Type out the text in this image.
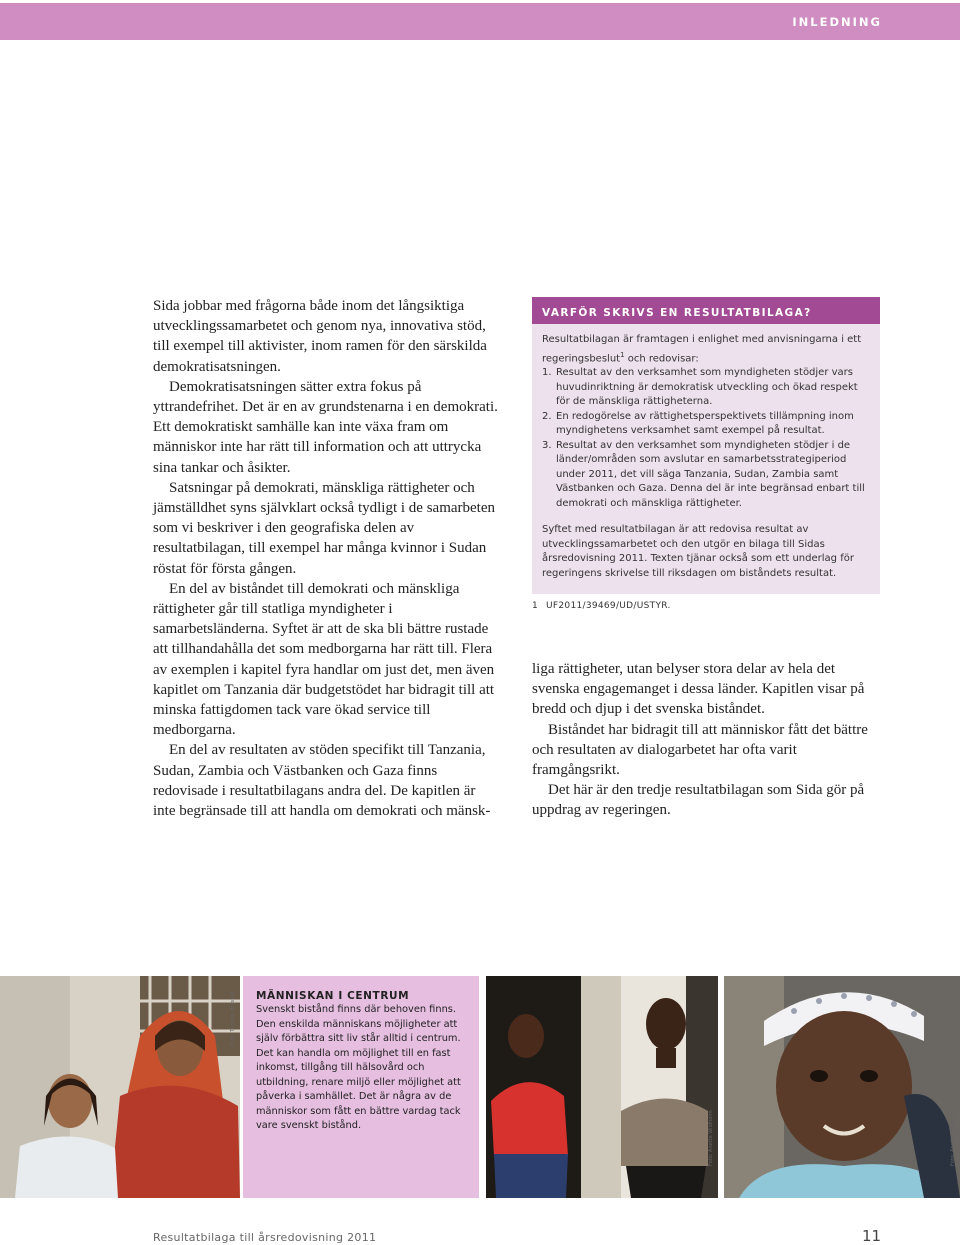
INLEDNING

Sida jobbar med frågorna både inom det långsiktiga utvecklingssamarbetet och genom nya, innovativa stöd, till exempel till aktivister, inom ramen för den särskilda demokratisatsningen.

Demokratisatsningen sätter extra fokus på yttrandefrihet. Det är en av grundstenarna i en demokrati. Ett demokratiskt samhälle kan inte växa fram om människor inte har rätt till information och att uttrycka sina tankar och åsikter.

Satsningar på demokrati, mänskliga rättigheter och jämställdhet syns självklart också tydligt i de samarbeten som vi beskriver i den geografiska delen av resultatbilagan, till exempel har många kvinnor i Sudan röstat för första gången.

En del av biståndet till demokrati och mänskliga rättigheter går till statliga myndigheter i samarbetsländerna. Syftet är att de ska bli bättre rustade att tillhandahålla det som medborgarna har rätt till. Flera av exemplen i kapitel fyra handlar om just det, men även kapitlet om Tanzania där budgetstödet har bidragit till att minska fattigdomen tack vare ökad service till medborgarna.

En del av resultaten av stöden specifikt till Tanzania, Sudan, Zambia och Västbanken och Gaza finns redovisade i resultatbilagans andra del. De kapitlen är inte begränsade till att handla om demokrati och mänsk-

VARFÖR SKRIVS EN RESULTATBILAGA?

Resultatbilagan är framtagen i enlighet med anvisningarna i ett regeringsbeslut$^1$ och redovisar:

1. Resultat av den verksamhet som myndigheten stödjer vars huvudinriktning är demokratisk utveckling och ökad respekt för de mänskliga rättigheterna.
2. En redogörelse av rättighetsperspektivets tillämpning inom myndighetens verksamhet samt exempel på resultat.
3. Resultat av den verksamhet som myndigheten stödjer i de länder/områden som avslutar en samarbetsstrategiperiod under 2011, det vill säga Tanzania, Sudan, Zambia samt Västbanken och Gaza. Denna del är inte begränsad enbart till demokrati och mänskliga rättigheter.

Syftet med resultatbilagan är att redovisa resultat av utvecklingssamarbetet och den utgör en bilaga till Sidas årsredovisning 2011. Texten tjänar också som ett underlag för regeringens skrivelse till riksdagen om biståndets resultat.

1 UF2011/39469/UD/USTYR.

liga rättigheter, utan belyser stora delar av hela det svenska engagemanget i dessa länder. Kapitlen visar på bredd och djup i det svenska biståndet.

Biståndet har bidragit till att människor fått det bättre och resultaten av dialogarbetet har ofta varit framgångsrikt.

Det här är den tredje resultatbilagan som Sida gör på uppdrag av regeringen.

Foto: Thomas Emstedt MÄNNISKAN I CENTRUM
Svenskt bistånd finns där behoven finns. Den enskilda människans möjligheter att själv förbättra sitt liv står alltid i centrum. Det kan handla om möjlighet till en fast inkomst, tillgång till hälsovård och utbildning, renare miljö eller möjlighet att påverka i samhället. Det är några av de människor som fått en bättre vardag tack vare svenskt bistånd.	Foto: Anette Wildholm	Foto: Anette Wildholm
Resultatbilaga till årsredovisning 2011	11
